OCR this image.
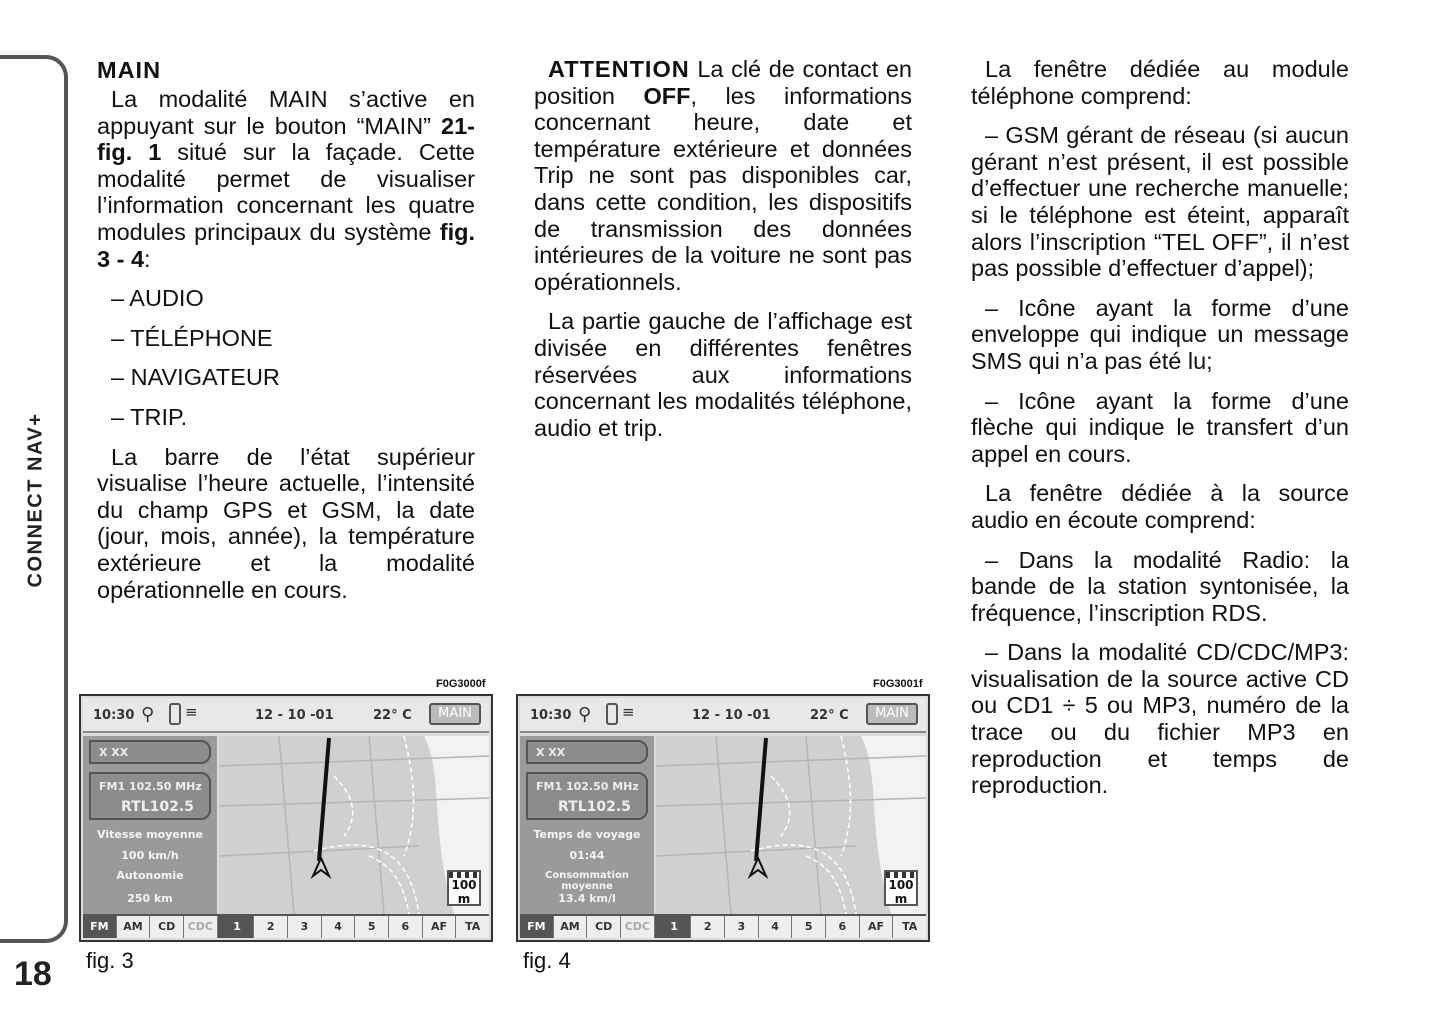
CONNECT NAV+
18
MAIN

La modalité MAIN s’active en appuyant sur le bouton “MAIN” 21-fig. 1 situé sur la façade. Cette modalité permet de visualiser l’information concernant les quatre modules principaux du système fig. 3 - 4:

– AUDIO

– TÉLÉPHONE

– NAVIGATEUR

– TRIP.

La barre de l’état supérieur visualise l’heure actuelle, l’intensité du champ GPS et GSM, la date (jour, mois, année), la température extérieure et la modalité opérationnelle en cours.

ATTENTION La clé de contact en position OFF, les informations concernant heure, date et température extérieure et données Trip ne sont pas disponibles car, dans cette condition, les dispositifs de transmission des données intérieures de la voiture ne sont pas opérationnels.

La partie gauche de l’affichage est divisée en différentes fenêtres réservées aux informations concernant les modalités téléphone, audio et trip.

La fenêtre dédiée au module téléphone comprend:

– GSM gérant de réseau (si aucun gérant n’est présent, il est possible d’effectuer une recherche manuelle; si le téléphone est éteint, apparaît alors l’inscription “TEL OFF”, il n’est pas possible d’effectuer d’appel);

– Icône ayant la forme d’une enveloppe qui indique un message SMS qui n’a pas été lu;

– Icône ayant la forme d’une flèche qui indique le transfert d’un appel en cours.

La fenêtre dédiée à la source audio en écoute comprend:

– Dans la modalité Radio: la bande de la station syntonisée, la fréquence, l’inscription RDS.

– Dans la modalité CD/CDC/MP3: visualisation de la source active CD ou CD1 ÷ 5 ou MP3, numéro de la trace ou du fichier MP3 en reproduction et temps de reproduction.

F0G3000f
10:30 ⚲ ≡	12 - 10 -01	22° C	MAIN
X XX
FM1 102.50 MHz
RTL102.5
Vitesse moyenne
100 km/h
Autonomie
250 km
100
m
FM	AM	CD	CDC	1	2	3	4	5	6	AF	TA
fig. 3
F0G3001f
10:30 ⚲ ≡	12 - 10 -01	22° C	MAIN
X XX
FM1 102.50 MHz
RTL102.5
Temps de voyage
01:44
Consommation moyenne
13.4 km/l
100
m
FM	AM	CD	CDC	1	2	3	4	5	6	AF	TA
fig. 4
